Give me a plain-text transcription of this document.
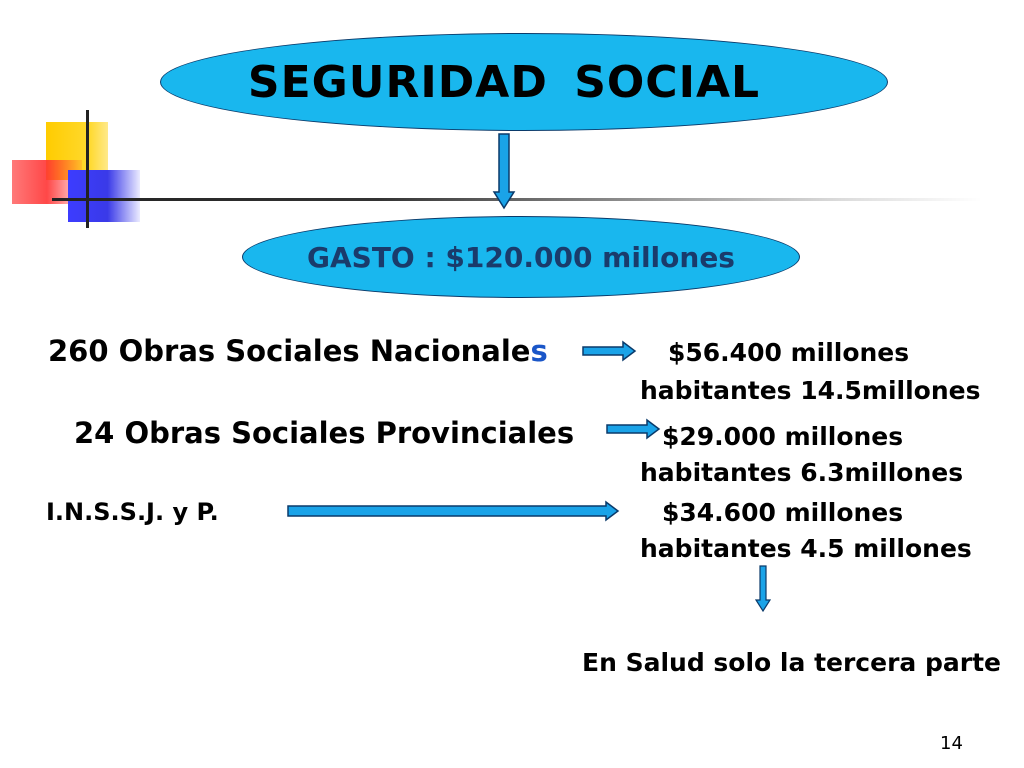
SEGURIDAD SOCIAL
GASTO : $120.000 millones
260 Obras Sociales Nacionales	$56.400 millones
habitantes 14.5millones
24 Obras Sociales Provinciales	$29.000 millones
habitantes 6.3millones
I.N.S.S.J. y P.	$34.600 millones
habitantes 4.5 millones
En Salud solo la tercera parte
14
